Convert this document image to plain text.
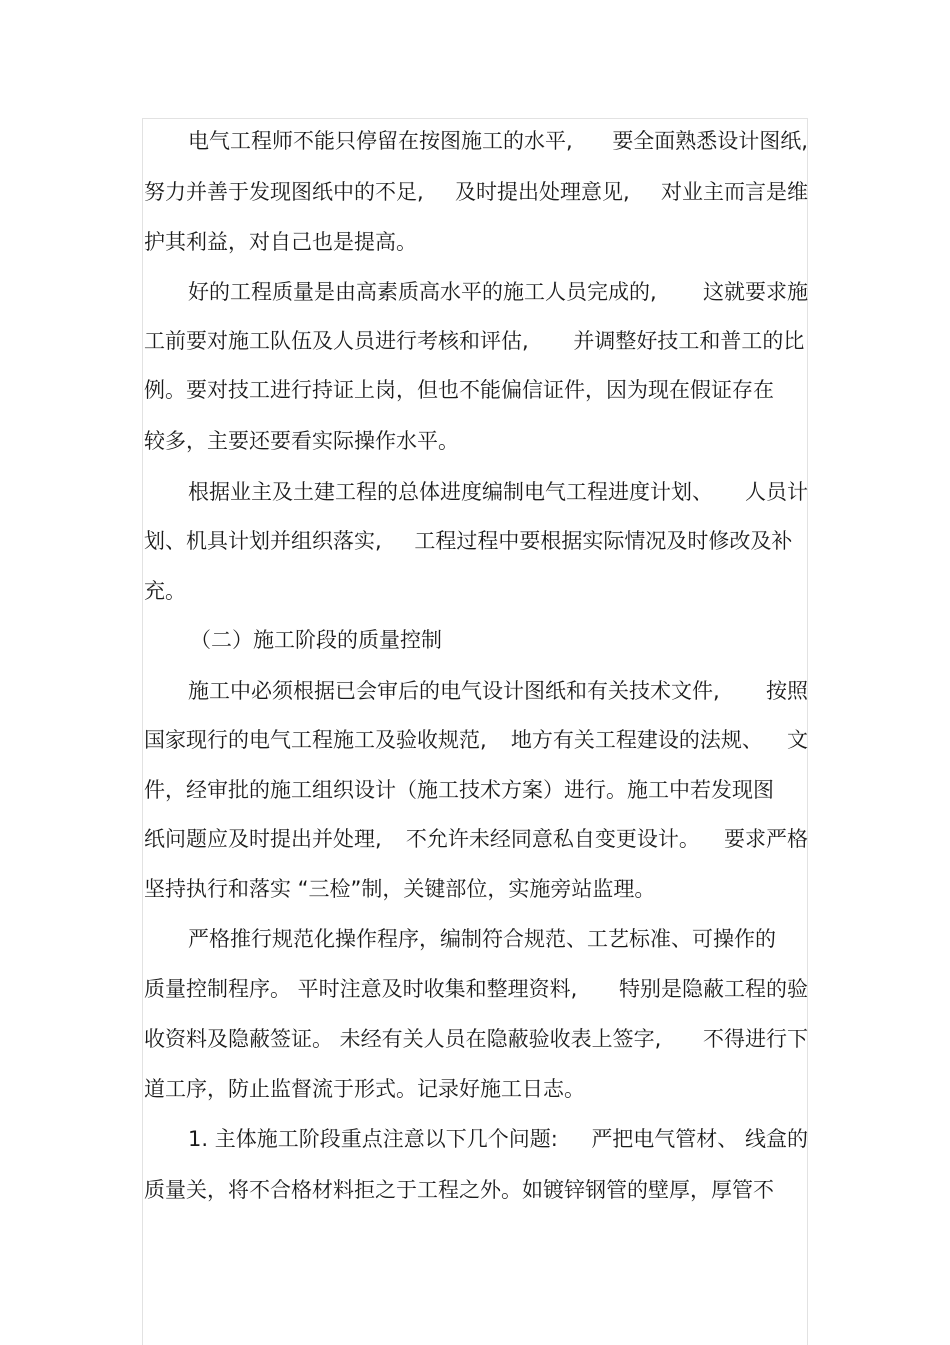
电气工程师不能只停留在按图施工的水平, 要全面熟悉设计图纸,
努力并善于发现图纸中的不足, 及时提出处理意见, 对业主而言是维
护其利益，对自己也是提高。
好的工程质量是由高素质高水平的施工人员完成的, 这就要求施
工前要对施工队伍及人员进行考核和评估, 并调整好技工和普工的比
例。要对技工进行持证上岗，但也不能偏信证件，因为现在假证存在
较多，主要还要看实际操作水平。
根据业主及土建工程的总体进度编制电气工程进度计划、 人员计
划、机具计划并组织落实, 工程过程中要根据实际情况及时修改及补
充。
（二）施工阶段的质量控制
施工中必须根据已会审后的电气设计图纸和有关技术文件, 按照
国家现行的电气工程施工及验收规范, 地方有关工程建设的法规、 文
件，经审批的施工组织设计（施工技术方案）进行。施工中若发现图
纸问题应及时提出并处理, 不允许未经同意私自变更设计。 要求严格
坚持执行和落实 “三检”制，关键部位，实施旁站监理。
严格推行规范化操作程序，编制符合规范、工艺标准、可操作的
质量控制程序。 平时注意及时收集和整理资料, 特别是隐蔽工程的验
收资料及隐蔽签证。 未经有关人员在隐蔽验收表上签字, 不得进行下
道工序，防止监督流于形式。记录好施工日志。
1. 主体施工阶段重点注意以下几个问题: 严把电气管材、 线盒的
质量关，将不合格材料拒之于工程之外。如镀锌钢管的壁厚，厚管不
